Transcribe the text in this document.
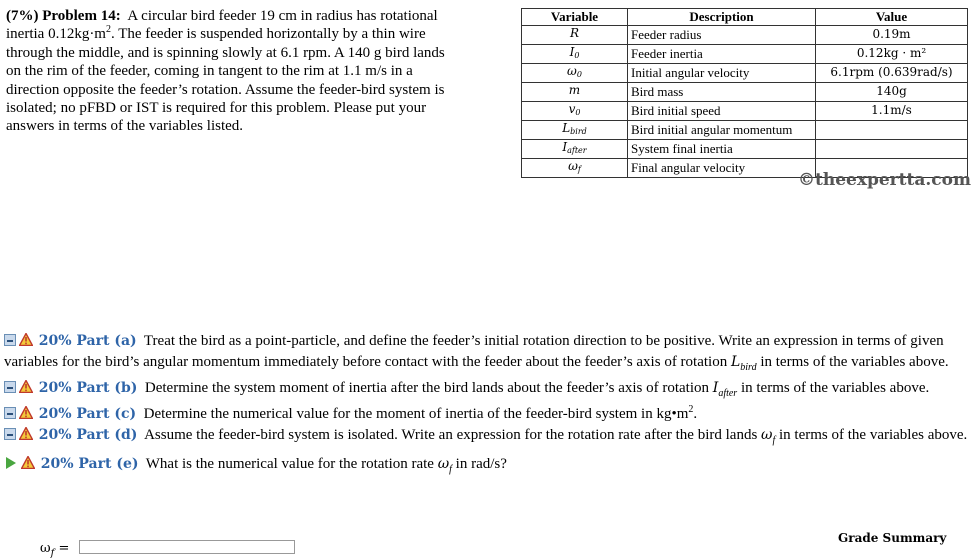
(7%) Problem 14: A circular bird feeder 19 cm in radius has rotational
inertia $0.12kg\cdot m^2$. The feeder is suspended horizontally by a thin wire
through the middle, and is spinning slowly at 6.1 rpm. A 140 g bird lands
on the rim of the feeder, coming in tangent to the rim at 1.1 m/s in a
direction opposite the feeder’s rotation. Assume the feeder-bird system is
isolated; no pFBD or IST is required for this problem. Please put your
answers in terms of the variables listed.
Variable	Description	Value
R	Feeder radius	0.19m
$I_0$	Feeder inertia	0.12kg · m²
$\omega_0$	Initial angular velocity	6.1rpm (0.639rad/s)
m	Bird mass	140g
$v_0$	Bird initial speed	1.1m/s
$L_{bird}$	Bird initial angular momentum	
$I_{after}$	System final inertia	
$\omega_f$	Final angular velocity	
©theexpertta.com

20% Part (a) Treat the bird as a point-particle, and define the feeder’s initial rotation direction to be positive. Write an expression in terms of given variables for the bird’s angular momentum immediately before contact with the feeder about the feeder’s axis of rotation $L_{bird}$ in terms of the variables above.

20% Part (b) Determine the system moment of inertia after the bird lands about the feeder’s axis of rotation $I_{after}$ in terms of the variables above.

20% Part (c) Determine the numerical value for the moment of inertia of the feeder-bird system in $kg•m^2$.

20% Part (d) Assume the feeder-bird system is isolated. Write an expression for the rotation rate after the bird lands $\omega_f$ in terms of the variables above.

20% Part (e) What is the numerical value for the rotation rate $\omega_f$ in rad/s?

Grade Summary
$\omega_f$ =
